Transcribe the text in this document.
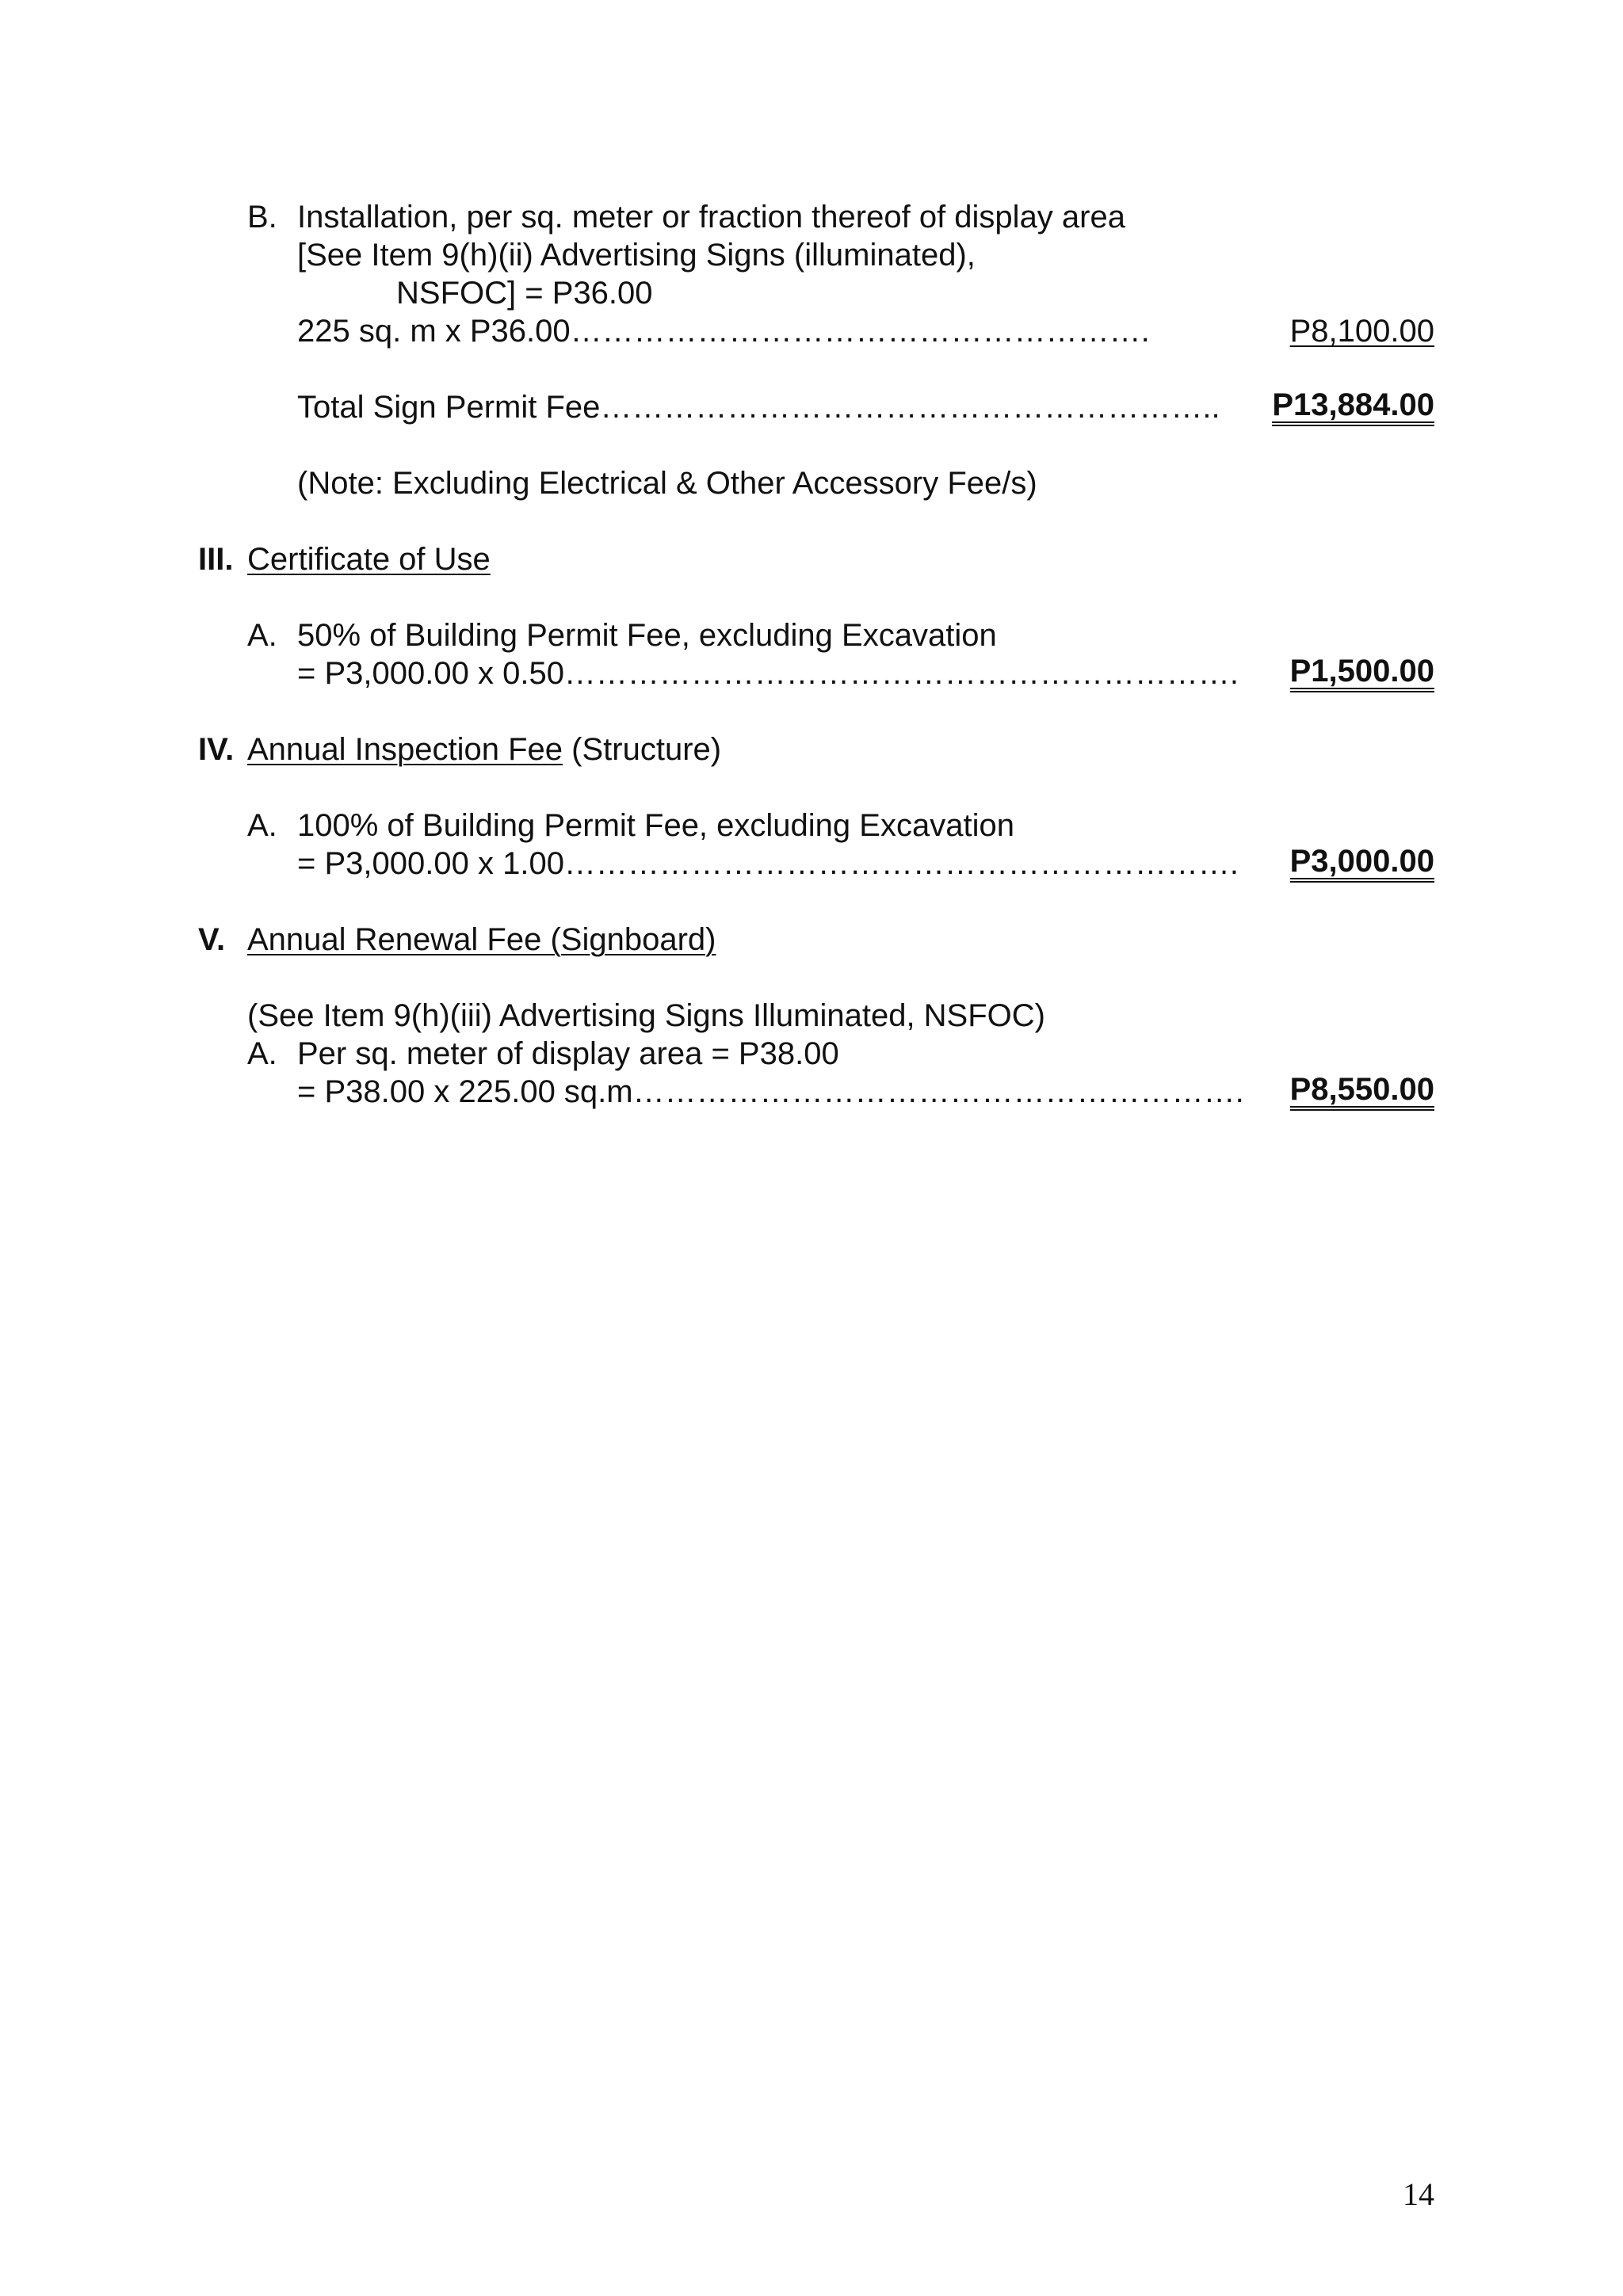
B. Installation, per sq. meter or fraction thereof of display area
[See Item 9(h)(ii) Advertising Signs (illuminated),
NSFOC] = P36.00
225 sq. m x P36.00……………………………………………….	P8,100.00
Total Sign Permit Fee………………………………………………….. P13,884.00
(Note: Excluding Electrical & Other Accessory Fee/s)
III. Certificate of Use
A. 50% of Building Permit Fee, excluding Excavation
= P3,000.00 x 0.50………………………………………………………. P1,500.00
IV. Annual Inspection Fee (Structure)
A. 100% of Building Permit Fee, excluding Excavation
= P3,000.00 x 1.00………………………………………………………. P3,000.00
V. Annual Renewal Fee (Signboard)
(See Item 9(h)(iii) Advertising Signs Illuminated, NSFOC)
A. Per sq. meter of display area = P38.00
= P38.00 x 225.00 sq.m…………………………………………………. P8,550.00
14
